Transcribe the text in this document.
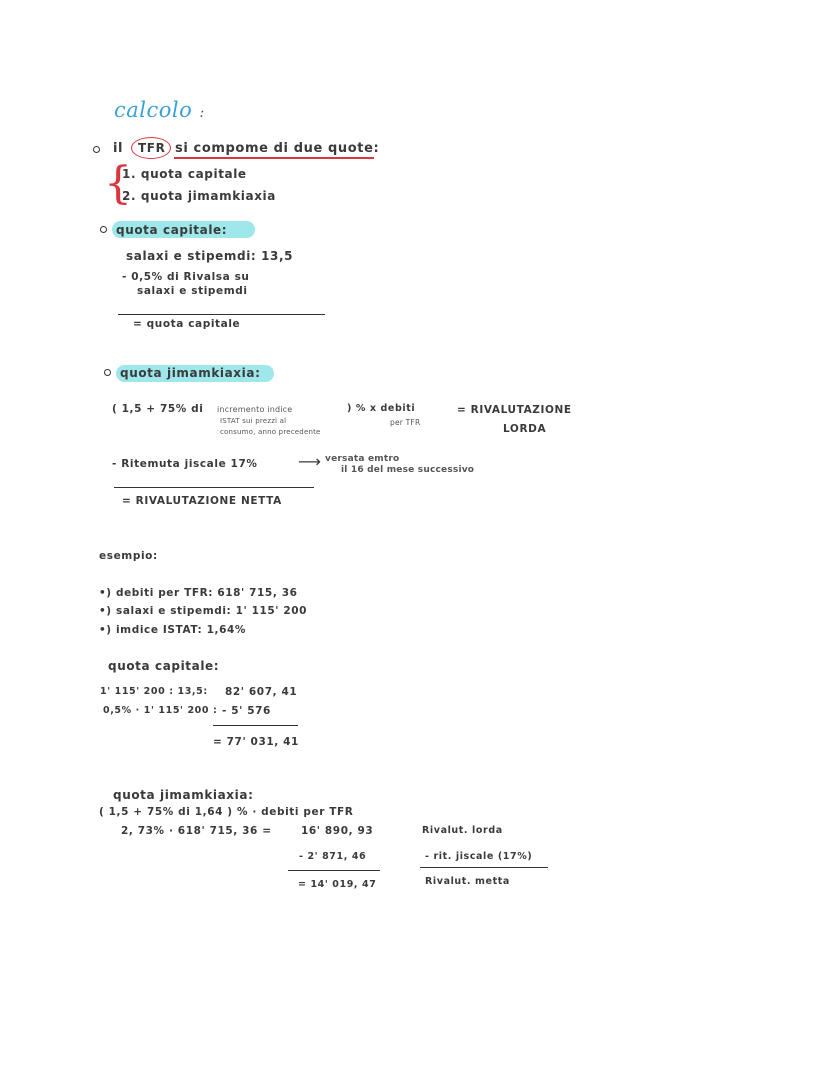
calcolo :
il TFR si compome di due quote:
{
1. quota capitale
2. quota jimamkiaxia
quota capitale:
salaxi e stipemdi: 13,5
- 0,5% di Rivalsa su
salaxi e stipemdi
= quota capitale
quota jimamkiaxia:
( 1,5 + 75% di incremento indice
ISTAT sui prezzi al
consumo, anno precedente
) % x debiti
per TFR
= RIVALUTAZIONE
LORDA
- Ritemuta jiscale 17%	⟶ versata emtro
il 16 del mese successivo
= RIVALUTAZIONE NETTA
esempio:
•) debiti per TFR: 618' 715, 36
•) salaxi e stipemdi: 1' 115' 200
•) imdice ISTAT: 1,64%
quota capitale:
1' 115' 200 : 13,5: 82' 607, 41
0,5% · 1' 115' 200 : - 5' 576
= 77' 031, 41
quota jimamkiaxia:
( 1,5 + 75% di 1,64 ) % · debiti per TFR
2, 73% · 618' 715, 36 =	16' 890, 93	Rivalut. lorda
- 2' 871, 46	- rit. jiscale (17%)
= 14' 019, 47	Rivalut. metta
